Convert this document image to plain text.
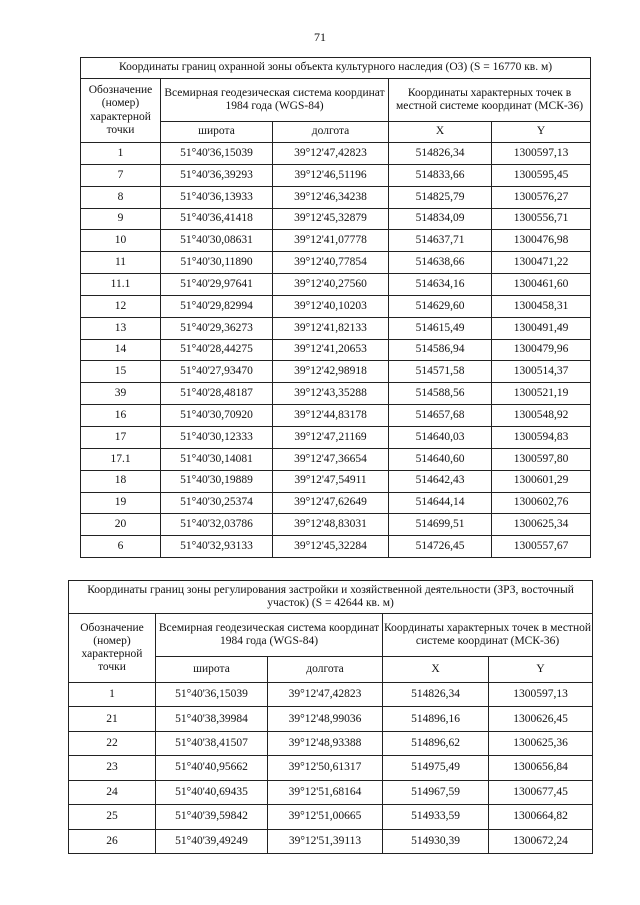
71
Координаты границ охранной зоны объекта культурного наследия (ОЗ) (S = 16770 кв. м)				
Обозначение (номер) характерной точки	Всемирная геодезическая система координат 1984 года (WGS-84)		Координаты характерных точек в местной системе координат (МСК-36)	
	широта	долгота	X	Y
1	51°40'36,15039	39°12'47,42823	514826,34	1300597,13
7	51°40'36,39293	39°12'46,51196	514833,66	1300595,45
8	51°40'36,13933	39°12'46,34238	514825,79	1300576,27
9	51°40'36,41418	39°12'45,32879	514834,09	1300556,71
10	51°40'30,08631	39°12'41,07778	514637,71	1300476,98
11	51°40'30,11890	39°12'40,77854	514638,66	1300471,22
11.1	51°40'29,97641	39°12'40,27560	514634,16	1300461,60
12	51°40'29,82994	39°12'40,10203	514629,60	1300458,31
13	51°40'29,36273	39°12'41,82133	514615,49	1300491,49
14	51°40'28,44275	39°12'41,20653	514586,94	1300479,96
15	51°40'27,93470	39°12'42,98918	514571,58	1300514,37
39	51°40'28,48187	39°12'43,35288	514588,56	1300521,19
16	51°40'30,70920	39°12'44,83178	514657,68	1300548,92
17	51°40'30,12333	39°12'47,21169	514640,03	1300594,83
17.1	51°40'30,14081	39°12'47,36654	514640,60	1300597,80
18	51°40'30,19889	39°12'47,54911	514642,43	1300601,29
19	51°40'30,25374	39°12'47,62649	514644,14	1300602,76
20	51°40'32,03786	39°12'48,83031	514699,51	1300625,34
6	51°40'32,93133	39°12'45,32284	514726,45	1300557,67
Координаты границ зоны регулирования застройки и хозяйственной деятельности (ЗРЗ, восточный участок) (S = 42644 кв. м)				
Обозначение (номер) характерной точки	Всемирная геодезическая система координат 1984 года (WGS-84)		Координаты характерных точек в местной системе координат (МСК-36)	
	широта	долгота	X	Y
1	51°40'36,15039	39°12'47,42823	514826,34	1300597,13
21	51°40'38,39984	39°12'48,99036	514896,16	1300626,45
22	51°40'38,41507	39°12'48,93388	514896,62	1300625,36
23	51°40'40,95662	39°12'50,61317	514975,49	1300656,84
24	51°40'40,69435	39°12'51,68164	514967,59	1300677,45
25	51°40'39,59842	39°12'51,00665	514933,59	1300664,82
26	51°40'39,49249	39°12'51,39113	514930,39	1300672,24
